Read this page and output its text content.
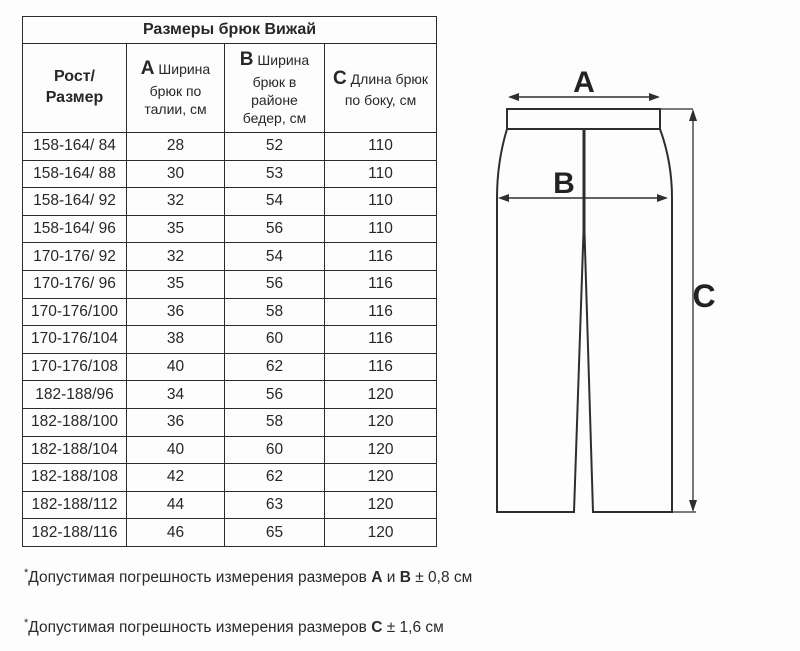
Размеры брюк Вижай			
Рост/Размер	A Ширина брюк по талии, см	B Ширина брюк в районе бедер, см	C Длина брюк по боку, см
158-164/ 84	28	52	110
158-164/ 88	30	53	110
158-164/ 92	32	54	110
158-164/ 96	35	56	110
170-176/ 92	32	54	116
170-176/ 96	35	56	116
170-176/100	36	58	116
170-176/104	38	60	116
170-176/108	40	62	116
182-188/96	34	56	120
182-188/100	36	58	120
182-188/104	40	60	120
182-188/108	42	62	120
182-188/112	44	63	120
182-188/116	46	65	120
A
B
C
*Допустимая погрешность измерения размеров A и B ± 0,8 см
*Допустимая погрешность измерения размеров C ± 1,6 см
